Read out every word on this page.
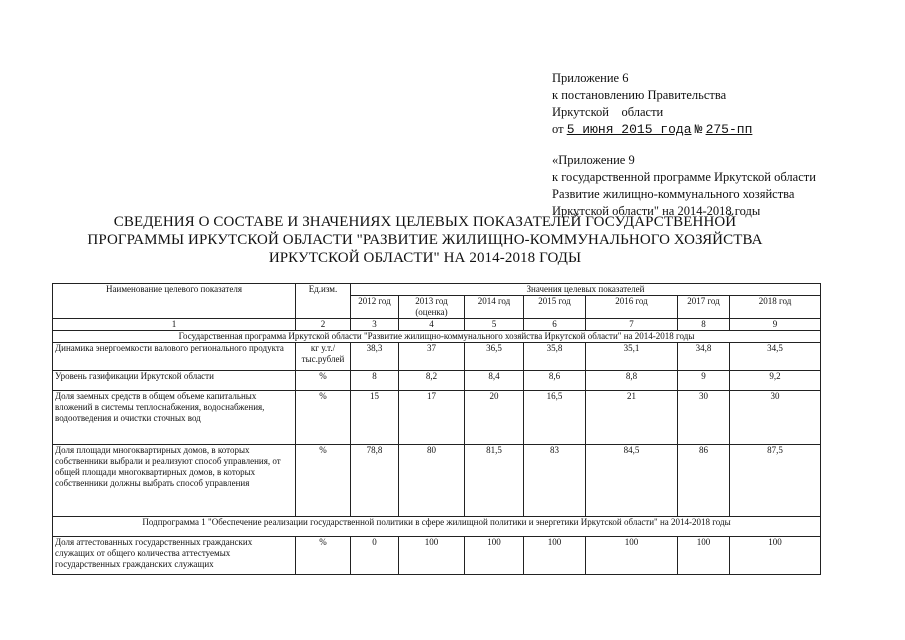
Приложение 6
к постановлению Правительства
Иркутской    области
от 5 июня 2015 года № 275-пп
«Приложение 9
к государственной программе Иркутской области
Развитие жилищно-коммунального хозяйства
Иркутской области" на 2014-2018 годы
СВЕДЕНИЯ О СОСТАВЕ И ЗНАЧЕНИЯХ ЦЕЛЕВЫХ ПОКАЗАТЕЛЕЙ ГОСУДАРСТВЕННОЙ
ПРОГРАММЫ ИРКУТСКОЙ ОБЛАСТИ "РАЗВИТИЕ ЖИЛИЩНО-КОММУНАЛЬНОГО ХОЗЯЙСТВА
ИРКУТСКОЙ ОБЛАСТИ" НА 2014-2018 ГОДЫ
Наименование целевого показателя	Ед.изм.	Значения целевых показателей						
		2012 год	2013 год (оценка)	2014 год	2015 год	2016 год	2017 год	2018 год
1	2	3	4	5	6	7	8	9
Государственная программа Иркутской области "Развитие жилищно-коммунального хозяйства Иркутской области" на 2014-2018 годы								
Динамика энергоемкости валового регионального продукта	кг у.т./ тыс.рублей	38,3	37	36,5	35,8	35,1	34,8	34,5
Уровень газификации Иркутской области	%	8	8,2	8,4	8,6	8,8	9	9,2
Доля заемных средств в общем объеме капитальных вложений в системы теплоснабжения, водоснабжения, водоотведения и очистки сточных вод	%	15	17	20	16,5	21	30	30
Доля площади многоквартирных домов, в которых собственники выбрали и реализуют способ управления, от общей площади многоквартирных домов, в которых собственники должны выбрать способ управления	%	78,8	80	81,5	83	84,5	86	87,5
Подпрограмма 1 "Обеспечение реализации государственной политики в сфере жилищной политики и энергетики Иркутской области" на 2014-2018 годы								
Доля аттестованных государственных гражданских служащих от общего количества аттестуемых государственных гражданских служащих	%	0	100	100	100	100	100	100
